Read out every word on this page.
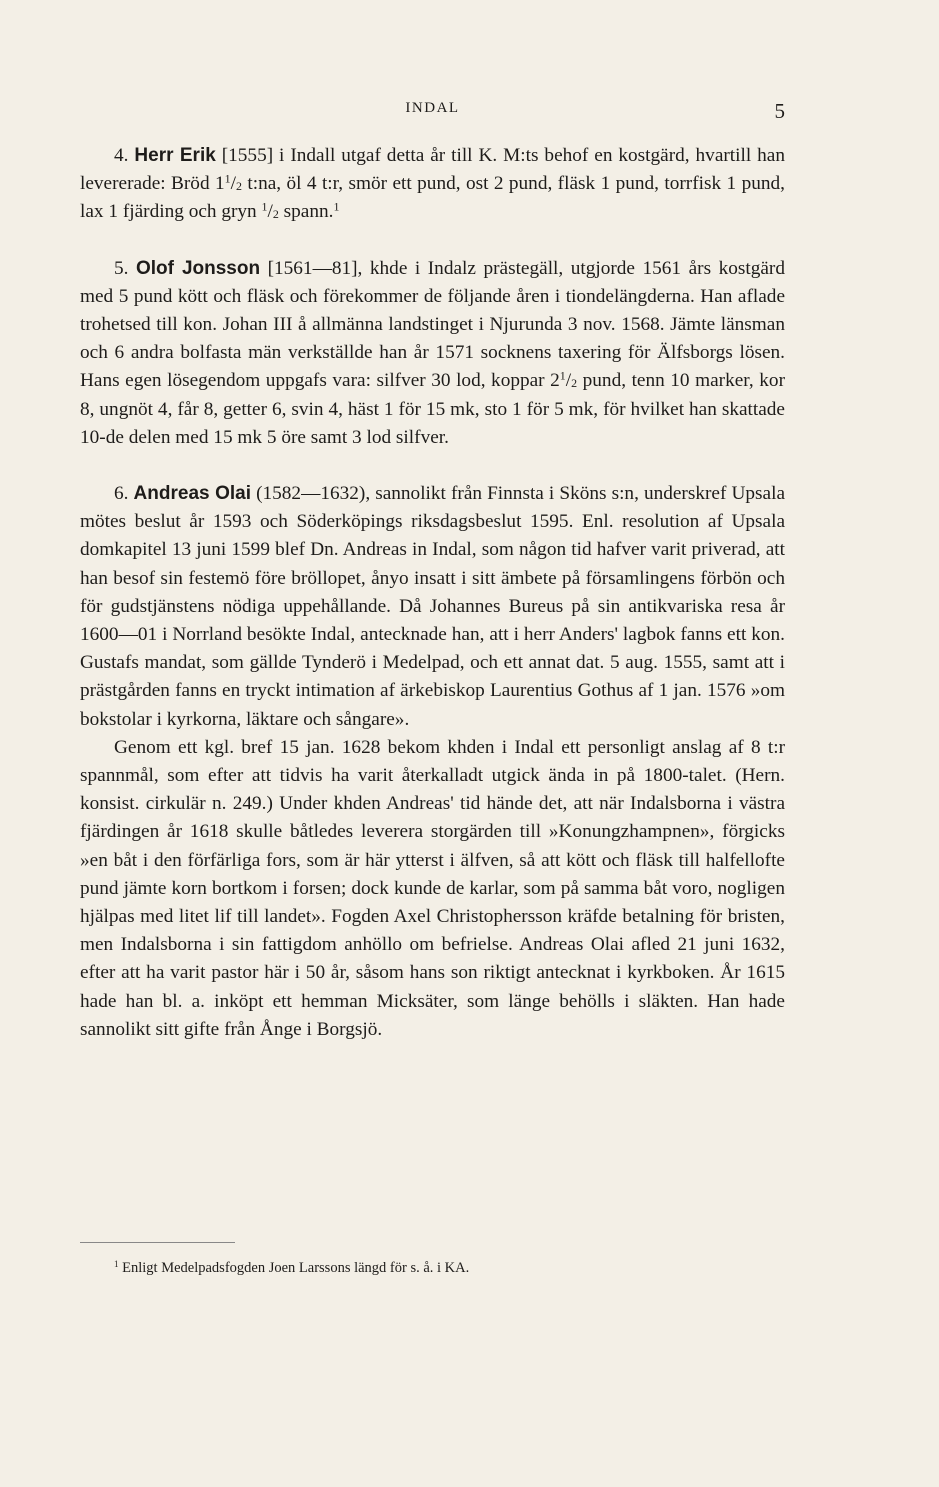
INDAL	5

4. Herr Erik [1555] i Indall utgaf detta år till K. M:ts behof en kostgärd, hvartill han levererade: Bröd $1^1/_2$ t:na, öl 4 t:r, smör ett pund, ost 2 pund, fläsk 1 pund, torrfisk 1 pund, lax 1 fjärding och gryn $^1/_2$ spann.$^1$

5. Olof Jonsson [1561—81], khde i Indalz prästegäll, utgjorde 1561 års kostgärd med 5 pund kött och fläsk och förekommer de följande åren i tiondelängderna. Han aflade trohetsed till kon. Johan III å allmänna landstinget i Njurunda 3 nov. 1568. Jämte länsman och 6 andra bolfasta män verkställde han år 1571 socknens taxering för Älfsborgs lösen. Hans egen lösegendom uppgafs vara: silfver 30 lod, koppar $2^1/_2$ pund, tenn 10 marker, kor 8, ungnöt 4, får 8, getter 6, svin 4, häst 1 för 15 mk, sto 1 för 5 mk, för hvilket han skattade 10-de delen med 15 mk 5 öre samt 3 lod silfver.

6. Andreas Olai (1582—1632), sannolikt från Finnsta i Sköns s:n, underskref Upsala mötes beslut år 1593 och Söderköpings riksdagsbeslut 1595. Enl. resolution af Upsala domkapitel 13 juni 1599 blef Dn. Andreas in Indal, som någon tid hafver varit priverad, att han besof sin festemö före bröllopet, ånyo insatt i sitt ämbete på församlingens förbön och för gudstjänstens nödiga uppehållande. Då Johannes Bureus på sin antikvariska resa år 1600—01 i Norrland besökte Indal, antecknade han, att i herr Anders' lagbok fanns ett kon. Gustafs mandat, som gällde Tynderö i Medelpad, och ett annat dat. 5 aug. 1555, samt att i prästgården fanns en tryckt intimation af ärkebiskop Laurentius Gothus af 1 jan. 1576 »om bokstolar i kyrkorna, läktare och sångare».

Genom ett kgl. bref 15 jan. 1628 bekom khden i Indal ett personligt anslag af 8 t:r spannmål, som efter att tidvis ha varit återkalladt utgick ända in på 1800-talet. (Hern. konsist. cirkulär n. 249.) Under khden Andreas' tid hände det, att när Indalsborna i västra fjärdingen år 1618 skulle båtledes leverera storgärden till »Konungzhampnen», förgicks »en båt i den förfärliga fors, som är här ytterst i älfven, så att kött och fläsk till halfellofte pund jämte korn bortkom i forsen; dock kunde de karlar, som på samma båt voro, nogligen hjälpas med litet lif till landet». Fogden Axel Christophersson kräfde betalning för bristen, men Indalsborna i sin fattigdom anhöllo om befrielse. Andreas Olai afled 21 juni 1632, efter att ha varit pastor här i 50 år, såsom hans son riktigt antecknat i kyrkboken. År 1615 hade han bl. a. inköpt ett hemman Micksäter, som länge behölls i släkten. Han hade sannolikt sitt gifte från Ånge i Borgsjö.

$^1$ Enligt Medelpadsfogden Joen Larssons längd för s. å. i KA.
